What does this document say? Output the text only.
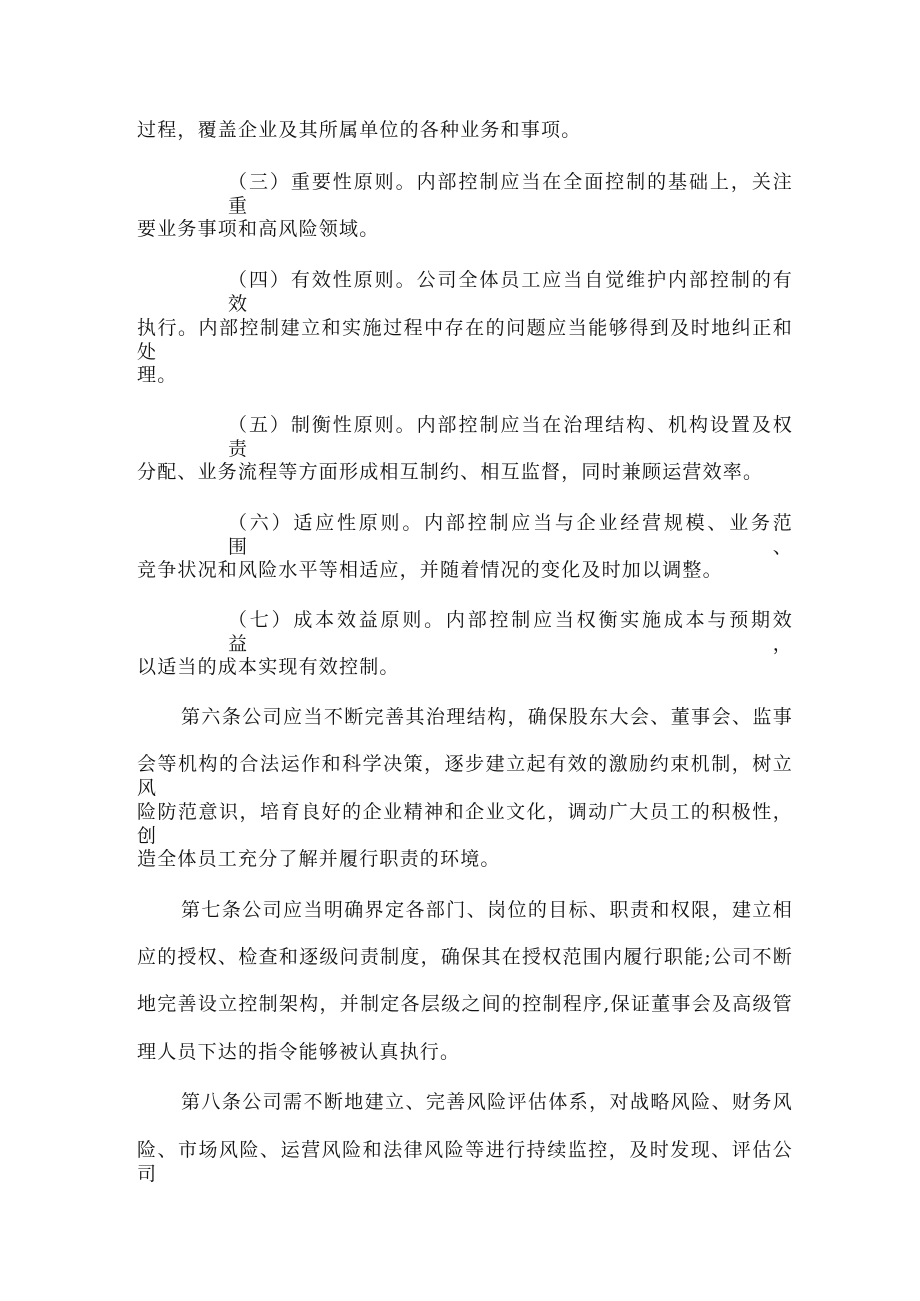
过程，覆盖企业及其所属单位的各种业务和事项。
（三）重要性原则。内部控制应当在全面控制的基础上，关注重
要业务事项和高风险领域。
（四）有效性原则。公司全体员工应当自觉维护内部控制的有效
执行。内部控制建立和实施过程中存在的问题应当能够得到及时地纠正和处
理。
（五）制衡性原则。内部控制应当在治理结构、机构设置及权责
分配、业务流程等方面形成相互制约、相互监督，同时兼顾运营效率。
（六）适应性原则。内部控制应当与企业经营规模、业务范围、
竞争状况和风险水平等相适应，并随着情况的变化及时加以调整。
（七）成本效益原则。内部控制应当权衡实施成本与预期效益，
以适当的成本实现有效控制。
第六条公司应当不断完善其治理结构，确保股东大会、董事会、监事
会等机构的合法运作和科学决策，逐步建立起有效的激励约束机制，树立风
险防范意识，培育良好的企业精神和企业文化，调动广大员工的积极性，创
造全体员工充分了解并履行职责的环境。
第七条公司应当明确界定各部门、岗位的目标、职责和权限，建立相
应的授权、检查和逐级问责制度，确保其在授权范围内履行职能;公司不断
地完善设立控制架构，并制定各层级之间的控制程序,保证董事会及高级管
理人员下达的指令能够被认真执行。
第八条公司需不断地建立、完善风险评估体系，对战略风险、财务风
险、市场风险、运营风险和法律风险等进行持续监控，及时发现、评估公司
